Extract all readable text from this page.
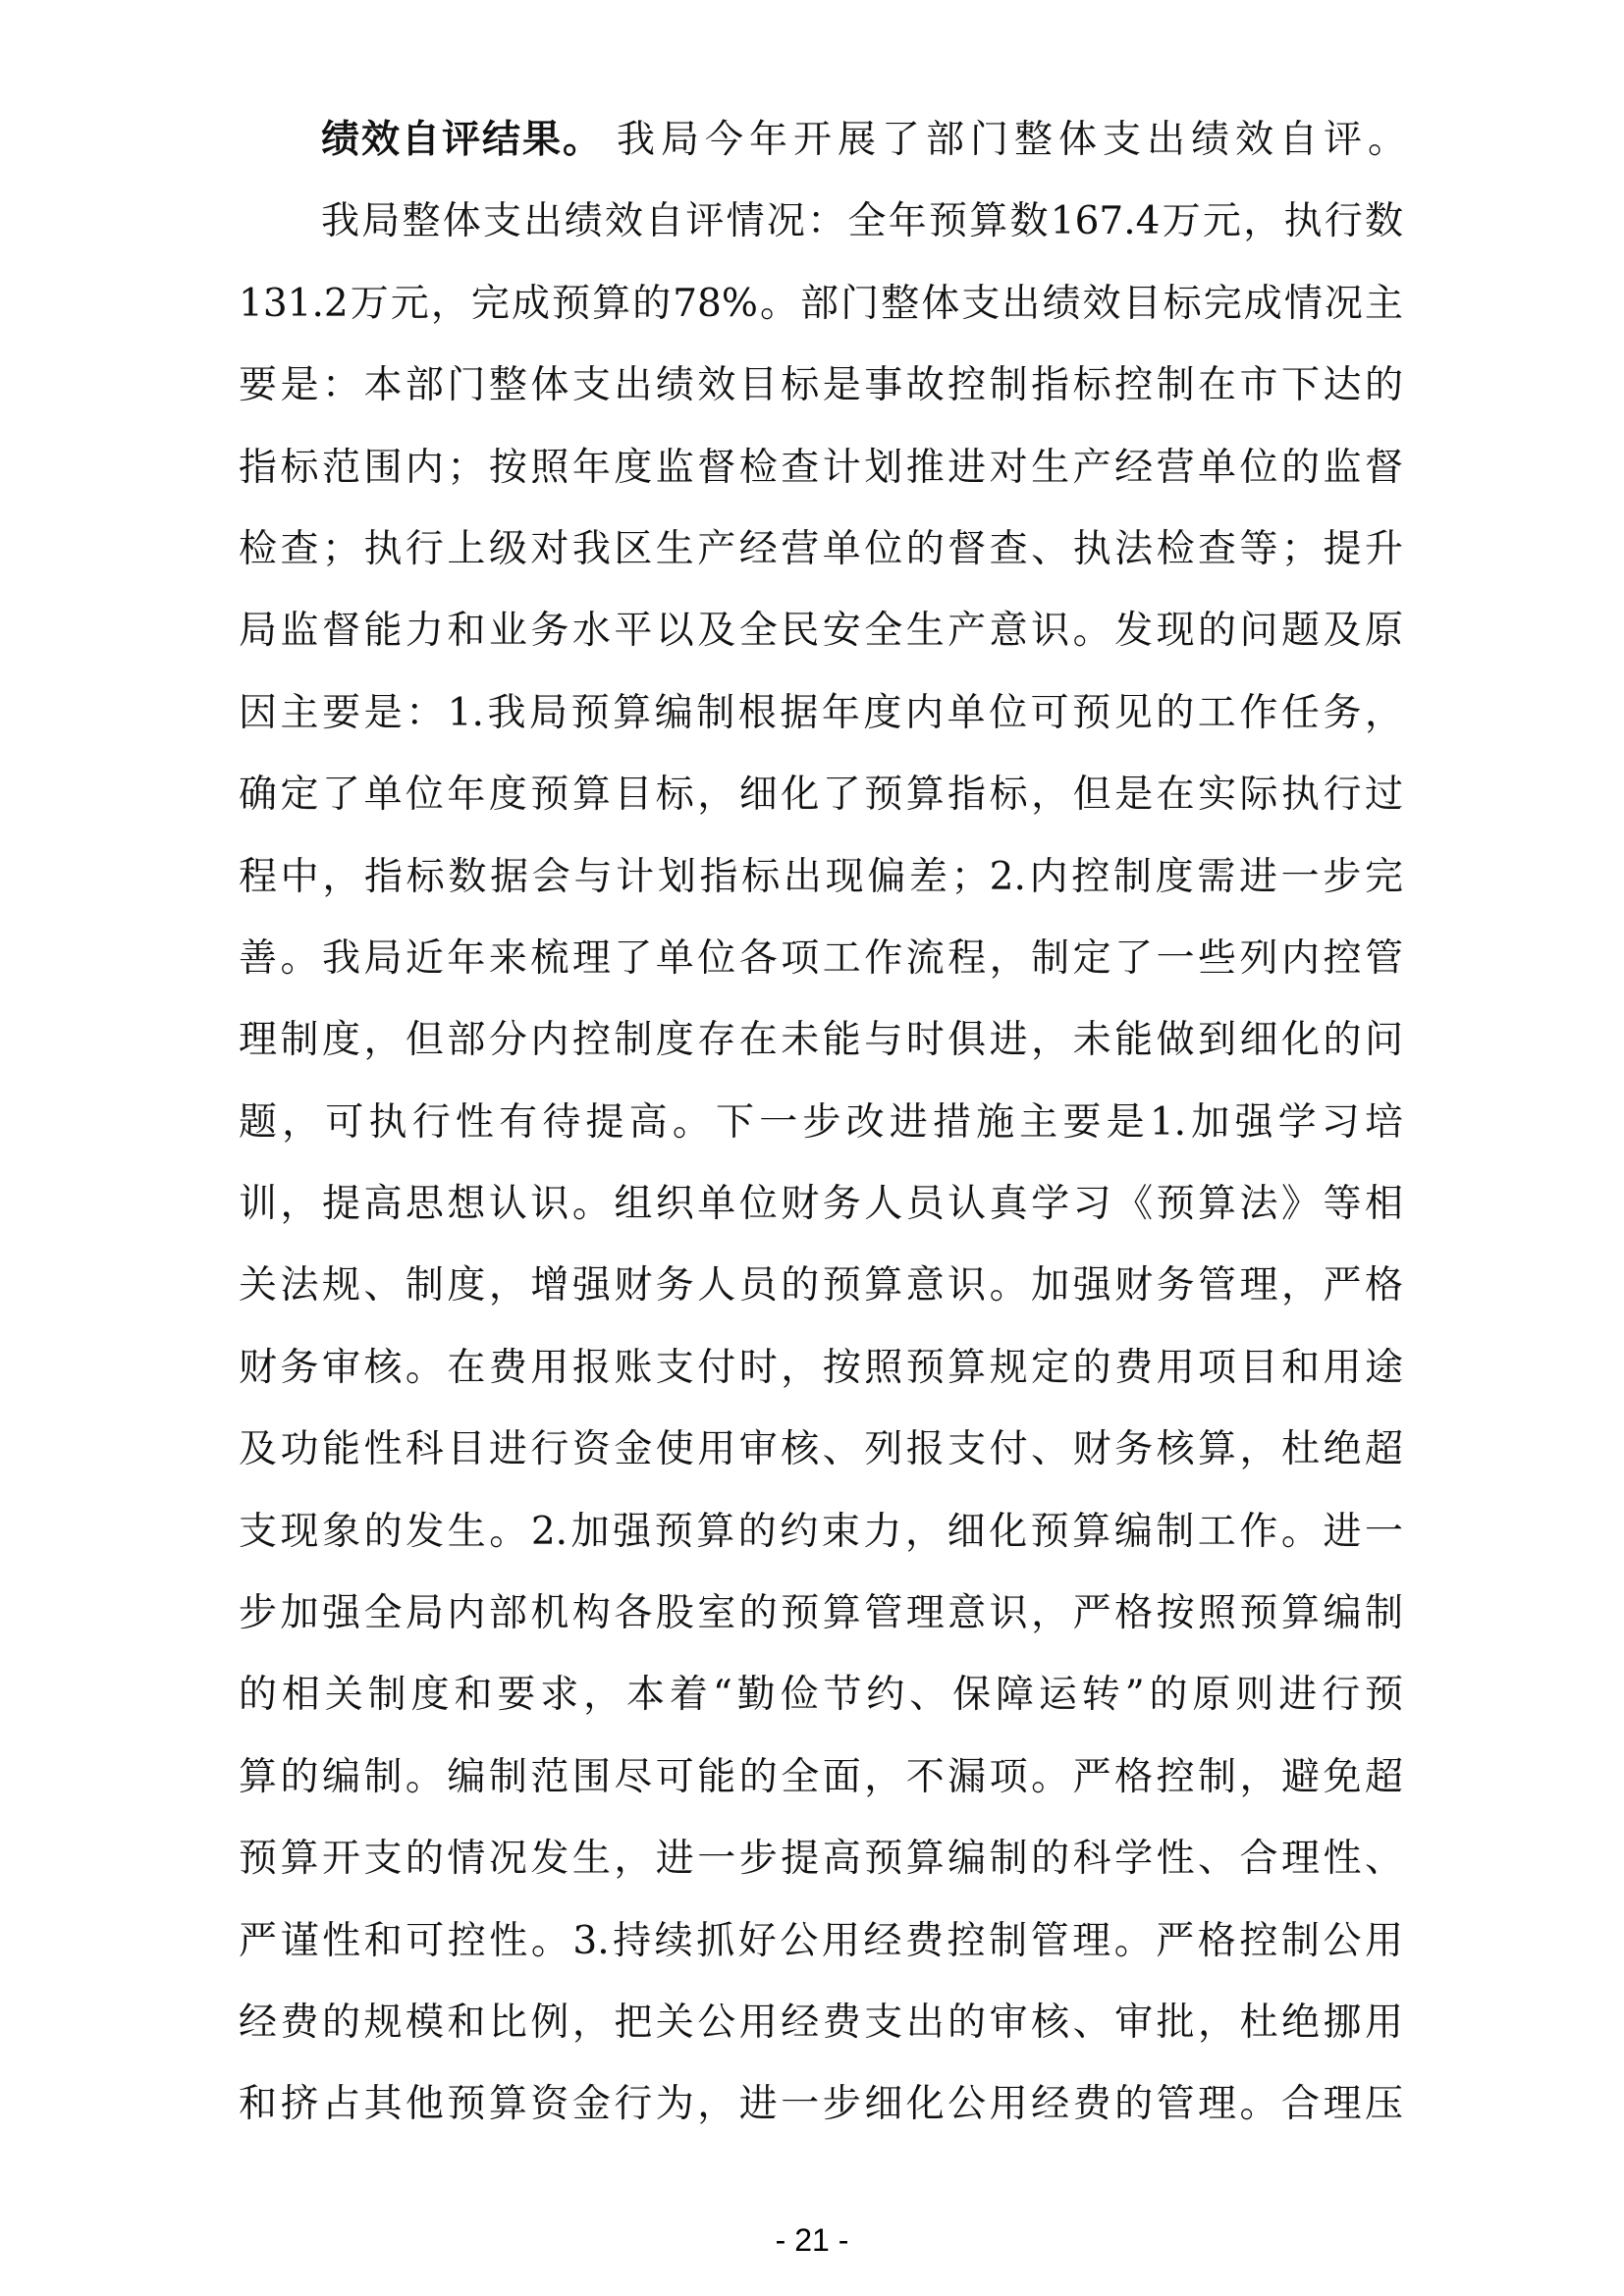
绩效自评结果。 我局今年开展了部门整体支出绩效自评。
我局整体支出绩效自评情况：全年预算数167.4万元，执行数
131.2万元，完成预算的78%。部门整体支出绩效目标完成情况主
要是：本部门整体支出绩效目标是事故控制指标控制在市下达的
指标范围内；按照年度监督检查计划推进对生产经营单位的监督
检查；执行上级对我区生产经营单位的督查、执法检查等；提升
局监督能力和业务水平以及全民安全生产意识。发现的问题及原
因主要是：1.我局预算编制根据年度内单位可预见的工作任务，
确定了单位年度预算目标，细化了预算指标，但是在实际执行过
程中，指标数据会与计划指标出现偏差；2.内控制度需进一步完
善。我局近年来梳理了单位各项工作流程，制定了一些列内控管
理制度，但部分内控制度存在未能与时俱进，未能做到细化的问
题，可执行性有待提高。下一步改进措施主要是1.加强学习培
训，提高思想认识。组织单位财务人员认真学习《预算法》等相
关法规、制度，增强财务人员的预算意识。加强财务管理，严格
财务审核。在费用报账支付时，按照预算规定的费用项目和用途
及功能性科目进行资金使用审核、列报支付、财务核算，杜绝超
支现象的发生。2.加强预算的约束力，细化预算编制工作。进一
步加强全局内部机构各股室的预算管理意识，严格按照预算编制
的相关制度和要求，本着“勤俭节约、保障运转”的原则进行预
算的编制。编制范围尽可能的全面，不漏项。严格控制，避免超
预算开支的情况发生，进一步提高预算编制的科学性、合理性、
严谨性和可控性。3.持续抓好公用经费控制管理。严格控制公用
经费的规模和比例，把关公用经费支出的审核、审批，杜绝挪用
和挤占其他预算资金行为，进一步细化公用经费的管理。合理压
- 21 -
